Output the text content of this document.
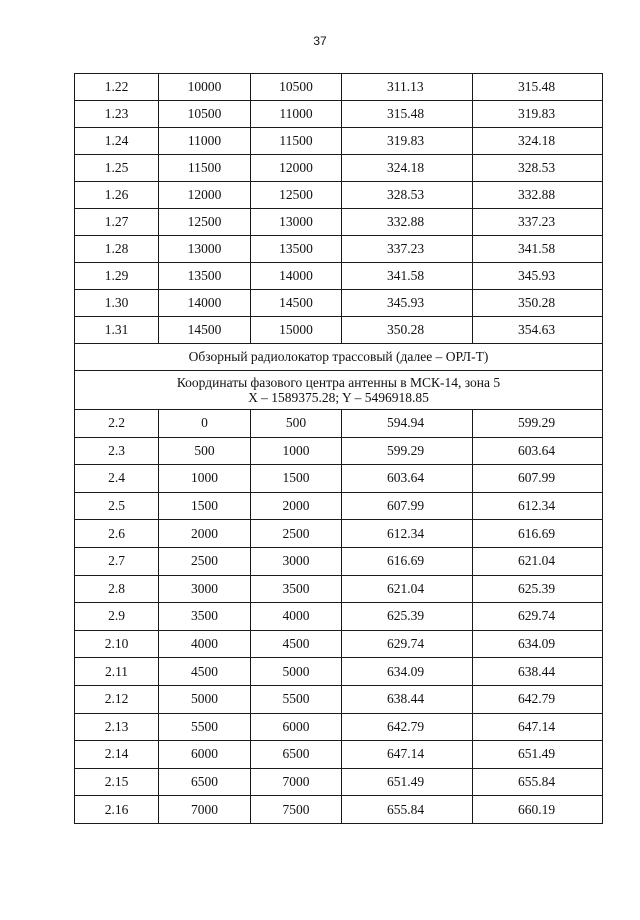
37
1.22	10000	10500	311.13	315.48
1.23	10500	11000	315.48	319.83
1.24	11000	11500	319.83	324.18
1.25	11500	12000	324.18	328.53
1.26	12000	12500	328.53	332.88
1.27	12500	13000	332.88	337.23
1.28	13000	13500	337.23	341.58
1.29	13500	14000	341.58	345.93
1.30	14000	14500	345.93	350.28
1.31	14500	15000	350.28	354.63
Обзорный радиолокатор трассовый (далее – ОРЛ-Т)				

Координаты фазового центра антенны в МСК-14, зона 5
X – 1589375.28; Y – 5496918.85				

2.2	0	500	594.94	599.29
2.3	500	1000	599.29	603.64
2.4	1000	1500	603.64	607.99
2.5	1500	2000	607.99	612.34
2.6	2000	2500	612.34	616.69
2.7	2500	3000	616.69	621.04
2.8	3000	3500	621.04	625.39
2.9	3500	4000	625.39	629.74
2.10	4000	4500	629.74	634.09
2.11	4500	5000	634.09	638.44
2.12	5000	5500	638.44	642.79
2.13	5500	6000	642.79	647.14
2.14	6000	6500	647.14	651.49
2.15	6500	7000	651.49	655.84
2.16	7000	7500	655.84	660.19
